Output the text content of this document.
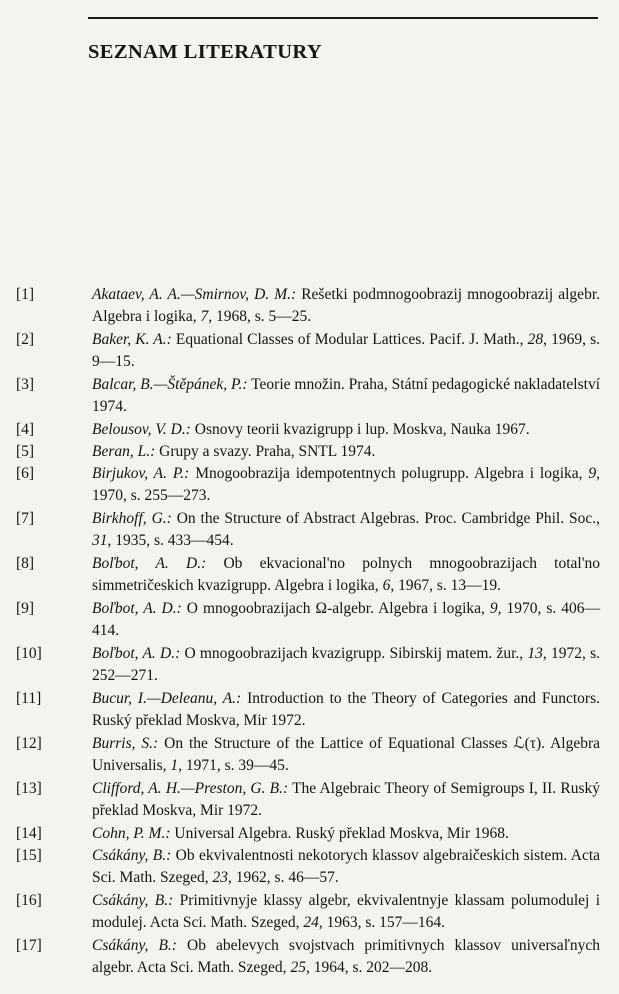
SEZNAM LITERATURY
[1]	Akataev, A. A.—Smirnov, D. M.: Rešetki podmnogoobrazij mnogoobrazij algebr. Algebra i logika, 7, 1968, s. 5—25.
[2]	Baker, K. A.: Equational Classes of Modular Lattices. Pacif. J. Math., 28, 1969, s. 9—15.
[3]	Balcar, B.—Štěpánek, P.: Teorie množin. Praha, Státní pedagogické nakladatelství 1974.
[4]	Belousov, V. D.: Osnovy teorii kvazigrupp i lup. Moskva, Nauka 1967.
[5]	Beran, L.: Grupy a svazy. Praha, SNTL 1974.
[6]	Birjukov, A. P.: Mnogoobrazija idempotentnych polugrupp. Algebra i logika, 9, 1970, s. 255—273.
[7]	Birkhoff, G.: On the Structure of Abstract Algebras. Proc. Cambridge Phil. Soc., 31, 1935, s. 433—454.
[8]	Boľbot, A. D.: Ob ekvacional'no polnych mnogoobrazijach total'no simmetričeskich kvazigrupp. Algebra i logika, 6, 1967, s. 13—19.
[9]	Boľbot, A. D.: O mnogoobrazijach Ω-algebr. Algebra i logika, 9, 1970, s. 406—414.
[10]	Boľbot, A. D.: O mnogoobrazijach kvazigrupp. Sibirskij matem. žur., 13, 1972, s. 252—271.
[11]	Bucur, I.—Deleanu, A.: Introduction to the Theory of Categories and Functors. Ruský překlad Moskva, Mir 1972.
[12]	Burris, S.: On the Structure of the Lattice of Equational Classes ℒ(τ). Algebra Universalis, 1, 1971, s. 39—45.
[13]	Clifford, A. H.—Preston, G. B.: The Algebraic Theory of Semigroups I, II. Ruský překlad Moskva, Mir 1972.
[14]	Cohn, P. M.: Universal Algebra. Ruský překlad Moskva, Mir 1968.
[15]	Csákány, B.: Ob ekvivalentnosti nekotorych klassov algebraičeskich sistem. Acta Sci. Math. Szeged, 23, 1962, s. 46—57.
[16]	Csákány, B.: Primitivnyje klassy algebr, ekvivalentnyje klassam polumodulej i modulej. Acta Sci. Math. Szeged, 24, 1963, s. 157—164.
[17]	Csákány, B.: Ob abelevych svojstvach primitivnych klassov universaľnych algebr. Acta Sci. Math. Szeged, 25, 1964, s. 202—208.
